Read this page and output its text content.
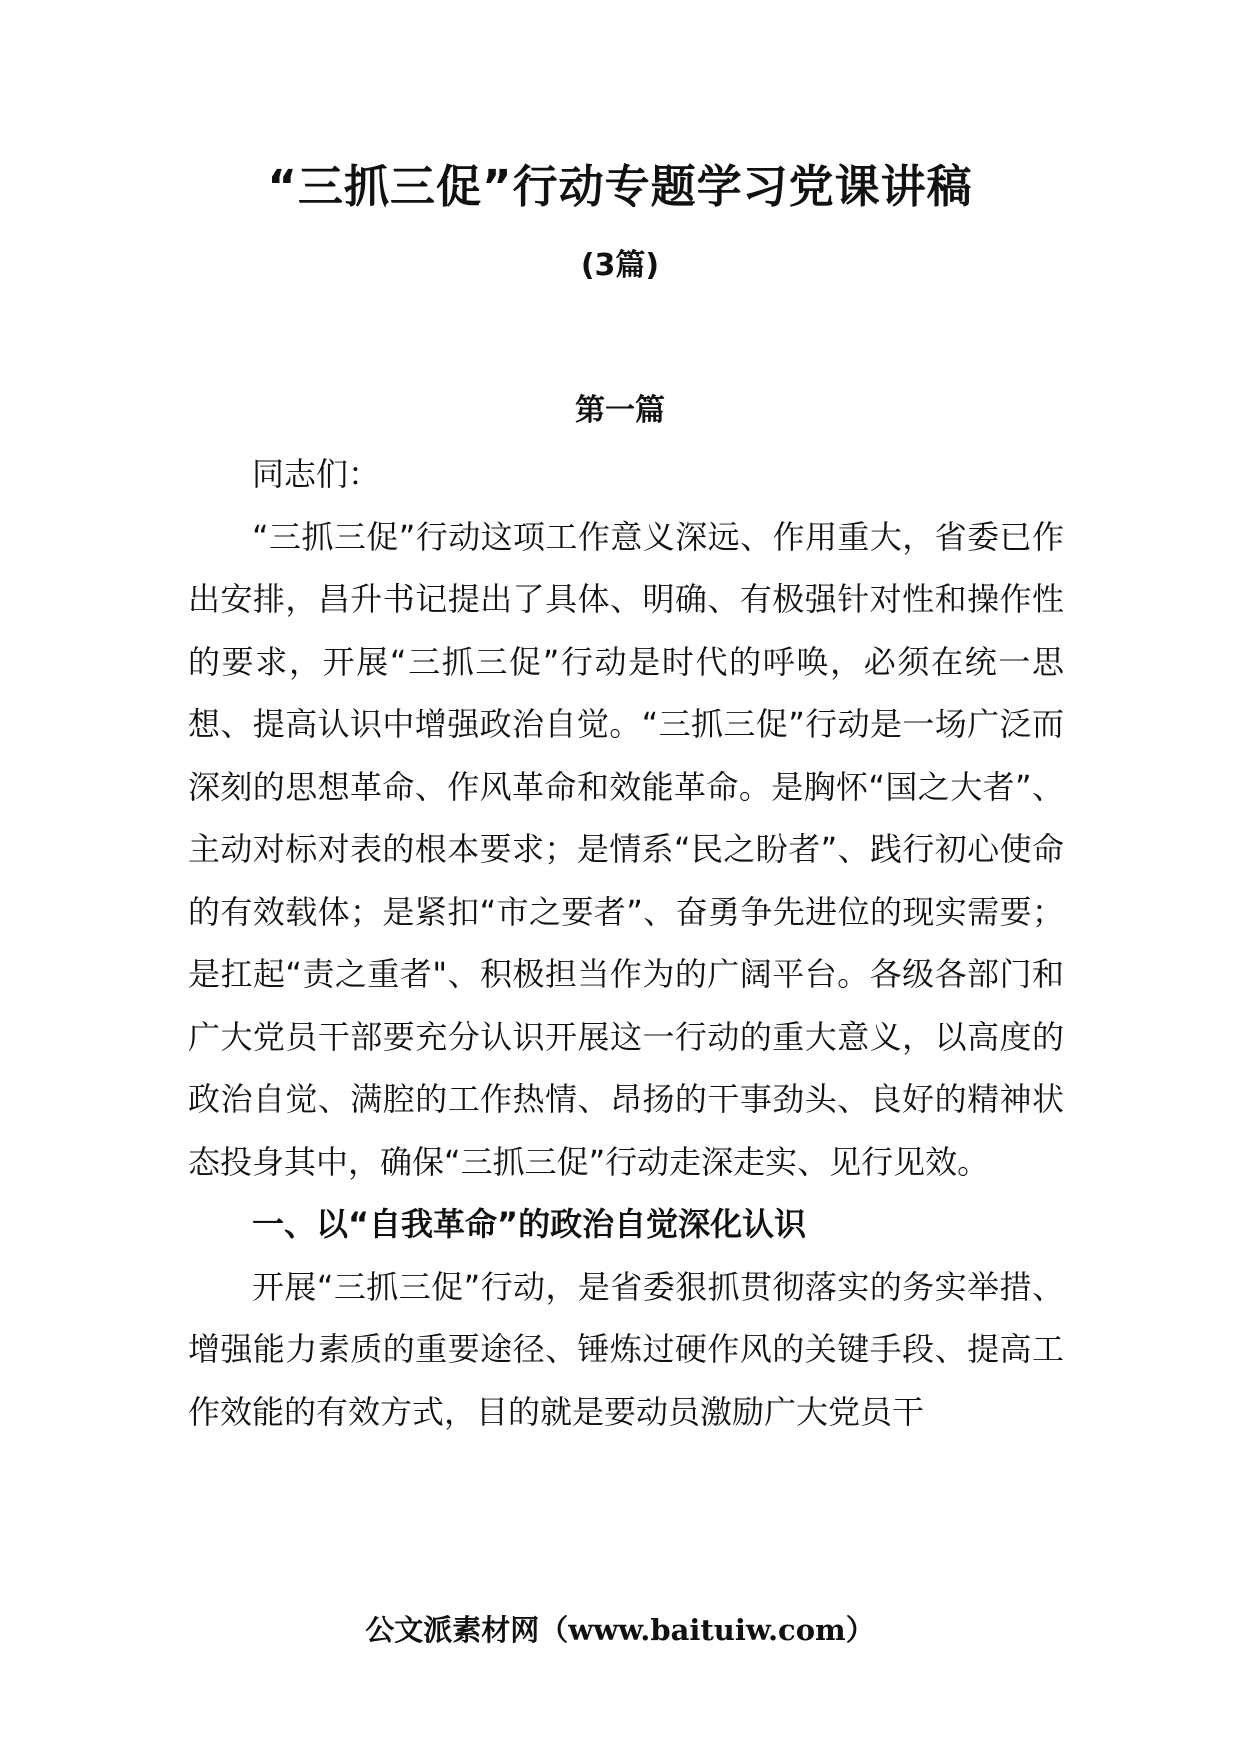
“三抓三促”行动专题学习党课讲稿
(3篇)
第一篇

同志们：

“三抓三促”行动这项工作意义深远、作用重大，省委已作出安排，昌升书记提出了具体、明确、有极强针对性和操作性的要求，开展“三抓三促”行动是时代的呼唤，必须在统一思想、提高认识中增强政治自觉。“三抓三促”行动是一场广泛而深刻的思想革命、作风革命和效能革命。是胸怀“国之大者”、主动对标对表的根本要求；是情系“民之盼者”、践行初心使命的有效载体；是紧扣“市之要者”、奋勇争先进位的现实需要；是扛起“责之重者"、积极担当作为的广阔平台。各级各部门和广大党员干部要充分认识开展这一行动的重大意义，以高度的政治自觉、满腔的工作热情、昂扬的干事劲头、良好的精神状态投身其中，确保“三抓三促”行动走深走实、见行见效。

一、以“自我革命”的政治自觉深化认识

开展“三抓三促”行动，是省委狠抓贯彻落实的务实举措、增强能力素质的重要途径、锤炼过硬作风的关键手段、提高工作效能的有效方式，目的就是要动员激励广大党员干

公文派素材网（www.baituiw.com）
